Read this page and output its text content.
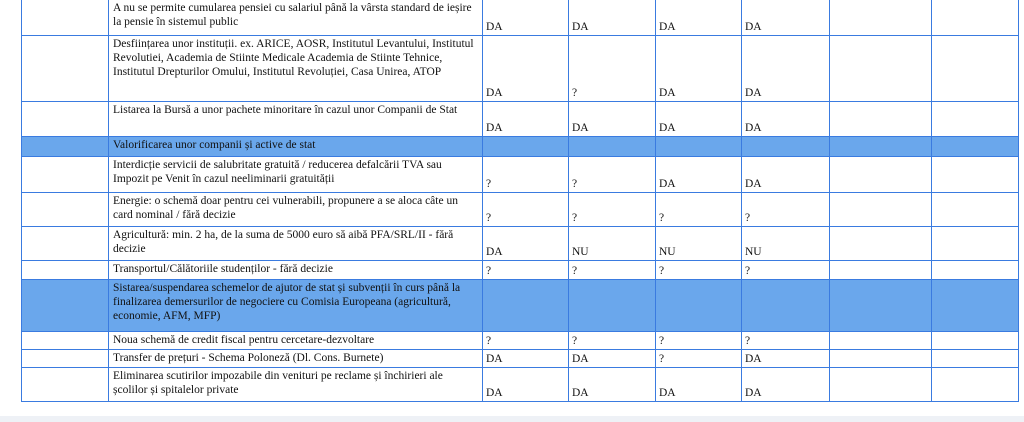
	A nu se permite cumularea pensiei cu salariul până la vârsta standard de ieșire la pensie în sistemul public	DA	DA	DA	DA		
	Desființarea unor instituții. ex. ARICE, AOSR, Institutul Levantului, Institutul Revolutiei, Academia de Stiinte Medicale Academia de Stiinte Tehnice, Institutul Drepturilor Omului, Institutul Revoluției, Casa Unirea, ATOP	DA	?	DA	DA		
	Listarea la Bursă a unor pachete minoritare în cazul unor Companii de Stat	DA	DA	DA	DA		
	Valorificarea unor companii și active de stat						
	Interdicție servicii de salubritate gratuită / reducerea defalcării TVA sau Impozit pe Venit în cazul neeliminarii gratuității	?	?	DA	DA		
	Energie: o schemă doar pentru cei vulnerabili, propunere a se aloca câte un card nominal / fără decizie	?	?	?	?		
	Agricultură: min. 2 ha, de la suma de 5000 euro să aibă PFA/SRL/II - fără decizie	DA	NU	NU	NU		
	Transportul/Călătoriile studenților - fără decizie	?	?	?	?		
	Sistarea/suspendarea schemelor de ajutor de stat și subvenții în curs până la finalizarea demersurilor de negociere cu Comisia Europeana (agricultură, economie, AFM, MFP)						
	Noua schemă de credit fiscal pentru cercetare-dezvoltare	?	?	?	?		
	Transfer de prețuri - Schema Poloneză (Dl. Cons. Burnete)	DA	DA	?	DA		
	Eliminarea scutirilor impozabile din venituri pe reclame și închirieri ale școlilor și spitalelor private	DA	DA	DA	DA		
